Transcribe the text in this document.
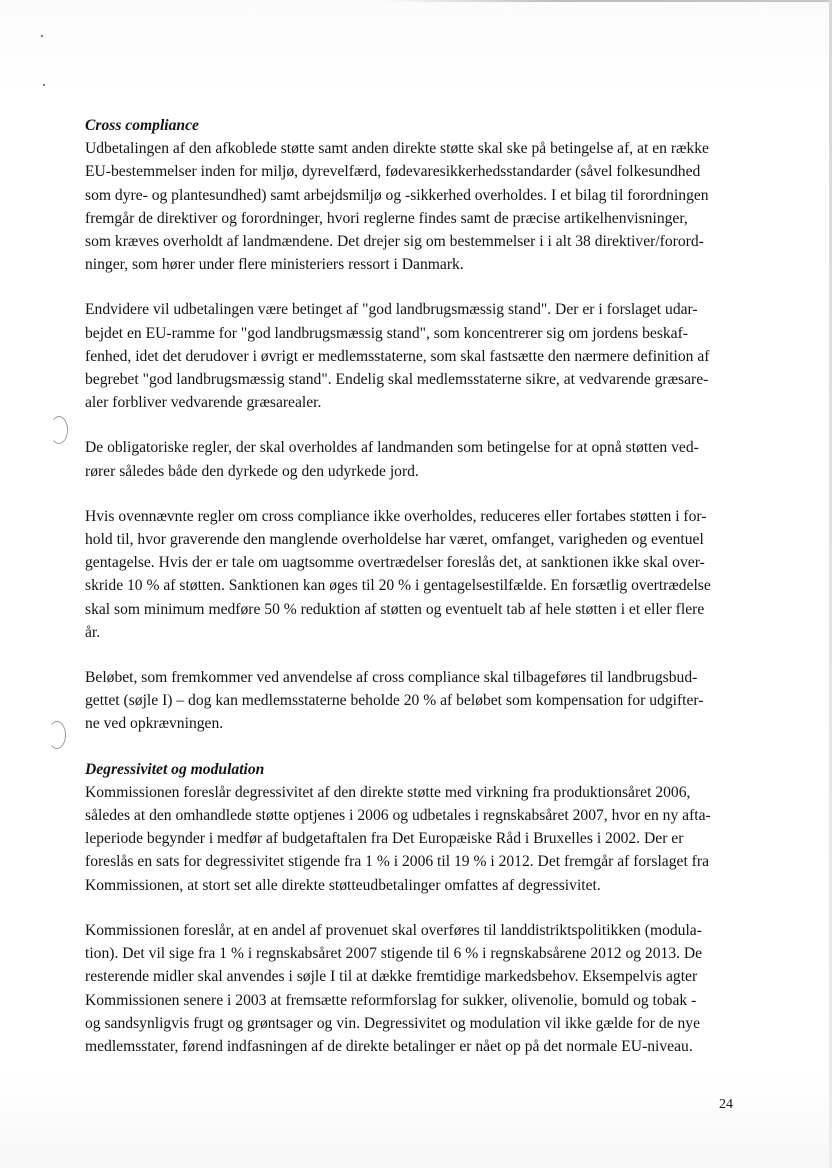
Cross compliance
Udbetalingen af den afkoblede støtte samt anden direkte støtte skal ske på betingelse af, at en række
EU-bestemmelser inden for miljø, dyrevelfærd, fødevaresikkerhedsstandarder (såvel folkesundhed
som dyre- og plantesundhed) samt arbejdsmiljø og -sikkerhed overholdes. I et bilag til forordningen
fremgår de direktiver og forordninger, hvori reglerne findes samt de præcise artikelhenvisninger,
som kræves overholdt af landmændene. Det drejer sig om bestemmelser i i alt 38 direktiver/forord-
ninger, som hører under flere ministeriers ressort i Danmark.
Endvidere vil udbetalingen være betinget af "god landbrugsmæssig stand". Der er i forslaget udar-
bejdet en EU-ramme for "god landbrugsmæssig stand", som koncentrerer sig om jordens beskaf-
fenhed, idet det derudover i øvrigt er medlemsstaterne, som skal fastsætte den nærmere definition af
begrebet "god landbrugsmæssig stand". Endelig skal medlemsstaterne sikre, at vedvarende græsare-
aler forbliver vedvarende græsarealer.
De obligatoriske regler, der skal overholdes af landmanden som betingelse for at opnå støtten ved-
rører således både den dyrkede og den udyrkede jord.
Hvis ovennævnte regler om cross compliance ikke overholdes, reduceres eller fortabes støtten i for-
hold til, hvor graverende den manglende overholdelse har været, omfanget, varigheden og eventuel
gentagelse. Hvis der er tale om uagtsomme overtrædelser foreslås det, at sanktionen ikke skal over-
skride 10 % af støtten. Sanktionen kan øges til 20 % i gentagelsestilfælde. En forsætlig overtrædelse
skal som minimum medføre 50 % reduktion af støtten og eventuelt tab af hele støtten i et eller flere
år.
Beløbet, som fremkommer ved anvendelse af cross compliance skal tilbageføres til landbrugsbud-
gettet (søjle I) – dog kan medlemsstaterne beholde 20 % af beløbet som kompensation for udgifter-
ne ved opkrævningen.
Degressivitet og modulation
Kommissionen foreslår degressivitet af den direkte støtte med virkning fra produktionsåret 2006,
således at den omhandlede støtte optjenes i 2006 og udbetales i regnskabsåret 2007, hvor en ny afta-
leperiode begynder i medfør af budgetaftalen fra Det Europæiske Råd i Bruxelles i 2002. Der er
foreslås en sats for degressivitet stigende fra 1 % i 2006 til 19 % i 2012. Det fremgår af forslaget fra
Kommissionen, at stort set alle direkte støtteudbetalinger omfattes af degressivitet.
Kommissionen foreslår, at en andel af provenuet skal overføres til landdistriktspolitikken (modula-
tion). Det vil sige fra 1 % i regnskabsåret 2007 stigende til 6 % i regnskabsårene 2012 og 2013. De
resterende midler skal anvendes i søjle I til at dække fremtidige markedsbehov. Eksempelvis agter
Kommissionen senere i 2003 at fremsætte reformforslag for sukker, olivenolie, bomuld og tobak -
og sandsynligvis frugt og grøntsager og vin. Degressivitet og modulation vil ikke gælde for de nye
medlemsstater, førend indfasningen af de direkte betalinger er nået op på det normale EU-niveau.
24
